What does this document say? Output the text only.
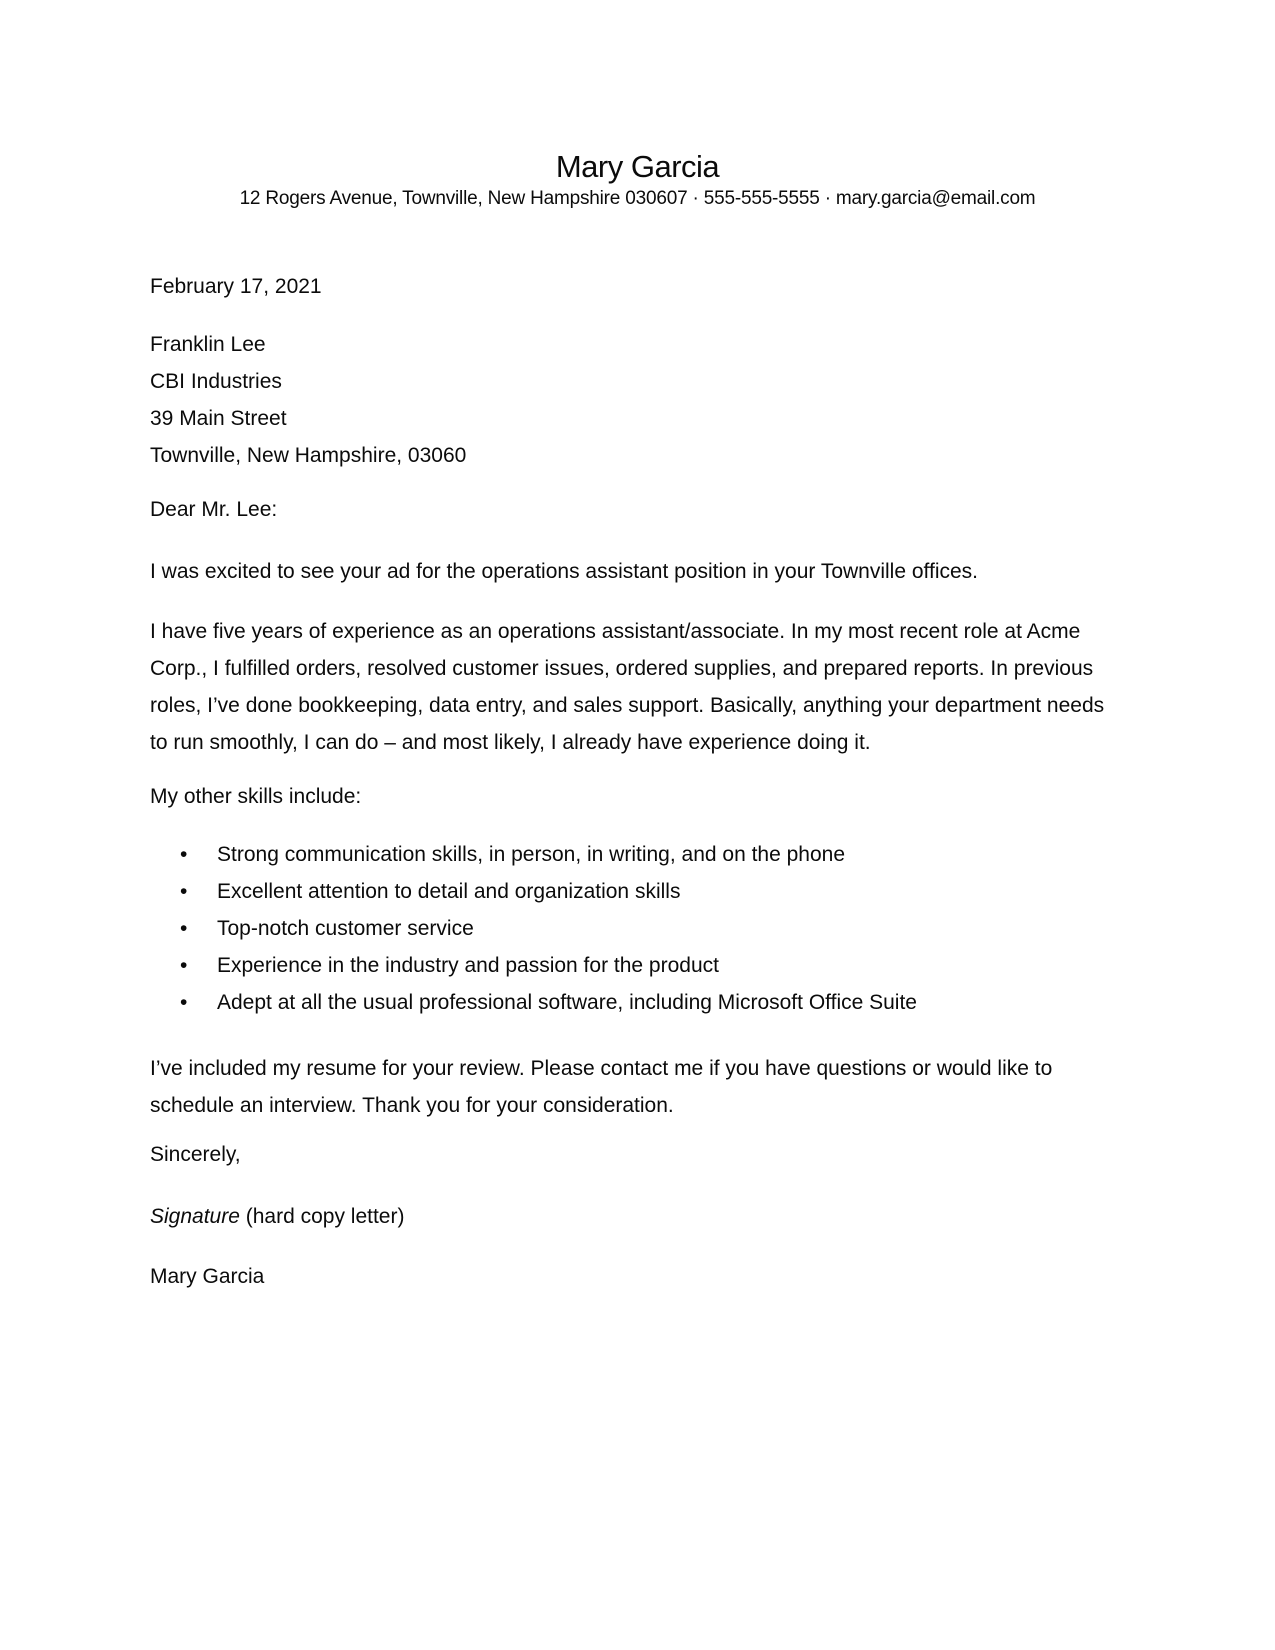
Mary Garcia
12 Rogers Avenue, Townville, New Hampshire 030607 · 555-555-5555 · mary.garcia@email.com

February 17, 2021

Franklin Lee
CBI Industries
39 Main Street
Townville, New Hampshire, 03060

Dear Mr. Lee:

I was excited to see your ad for the operations assistant position in your Townville offices.

I have five years of experience as an operations assistant/associate. In my most recent role at Acme Corp., I fulfilled orders, resolved customer issues, ordered supplies, and prepared reports. In previous roles, I’ve done bookkeeping, data entry, and sales support. Basically, anything your department needs to run smoothly, I can do – and most likely, I already have experience doing it.

My other skills include:

• Strong communication skills, in person, in writing, and on the phone
• Excellent attention to detail and organization skills
• Top-notch customer service
• Experience in the industry and passion for the product
• Adept at all the usual professional software, including Microsoft Office Suite

I’ve included my resume for your review. Please contact me if you have questions or would like to schedule an interview. Thank you for your consideration.

Sincerely,

Signature (hard copy letter)

Mary Garcia
